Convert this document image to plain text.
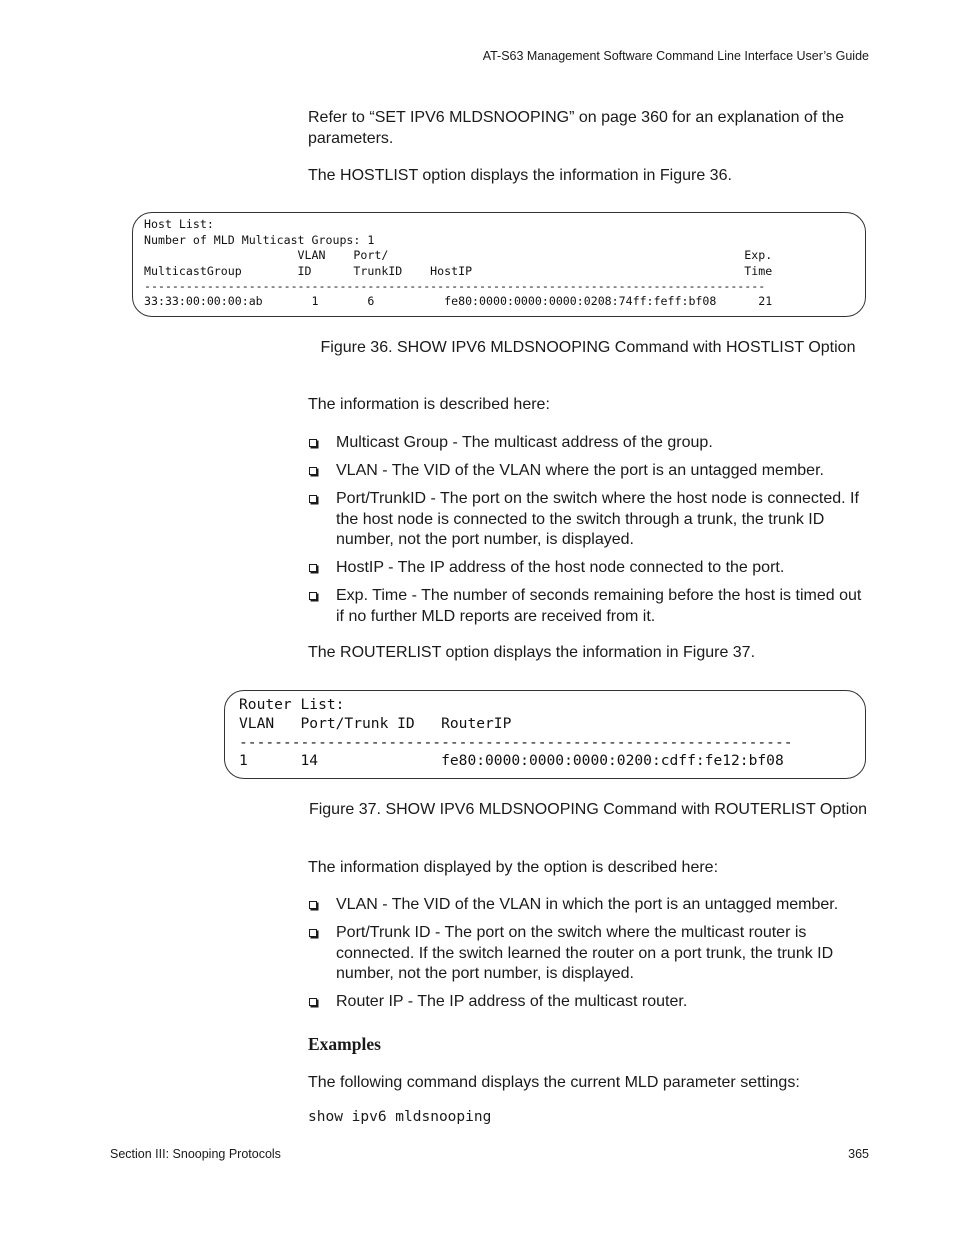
AT-S63 Management Software Command Line Interface User’s Guide
Refer to “SET IPV6 MLDSNOOPING” on page 360 for an explanation of the parameters.
The HOSTLIST option displays the information in Figure 36.

Host List:

Number of MLD Multicast Groups: 1

VLAN    Port/                                                   Exp.

MulticastGroup        ID      TrunkID    HostIP                                       Time

-----------------------------------------------------------------------------------------

33:33:00:00:00:ab       1       6          fe80:0000:0000:0000:0208:74ff:feff:bf08      21

Figure 36. SHOW IPV6 MLDSNOOPING Command with HOSTLIST Option
The information is described here:
Multicast Group - The multicast address of the group.
VLAN - The VID of the VLAN where the port is an untagged member.
Port/TrunkID - The port on the switch where the host node is connected. If the host node is connected to the switch through a trunk, the trunk ID number, not the port number, is displayed.
HostIP - The IP address of the host node connected to the port.
Exp. Time - The number of seconds remaining before the host is timed out if no further MLD reports are received from it.
The ROUTERLIST option displays the information in Figure 37.

Router List:

VLAN   Port/Trunk ID   RouterIP

---------------------------------------------------------------

1      14              fe80:0000:0000:0000:0200:cdff:fe12:bf08

Figure 37. SHOW IPV6 MLDSNOOPING Command with ROUTERLIST Option
The information displayed by the option is described here:
VLAN - The VID of the VLAN in which the port is an untagged member.
Port/Trunk ID - The port on the switch where the multicast router is connected. If the switch learned the router on a port trunk, the trunk ID number, not the port number, is displayed.
Router IP - The IP address of the multicast router.
Examples
The following command displays the current MLD parameter settings:
show ipv6 mldsnooping
Section III: Snooping Protocols	365
